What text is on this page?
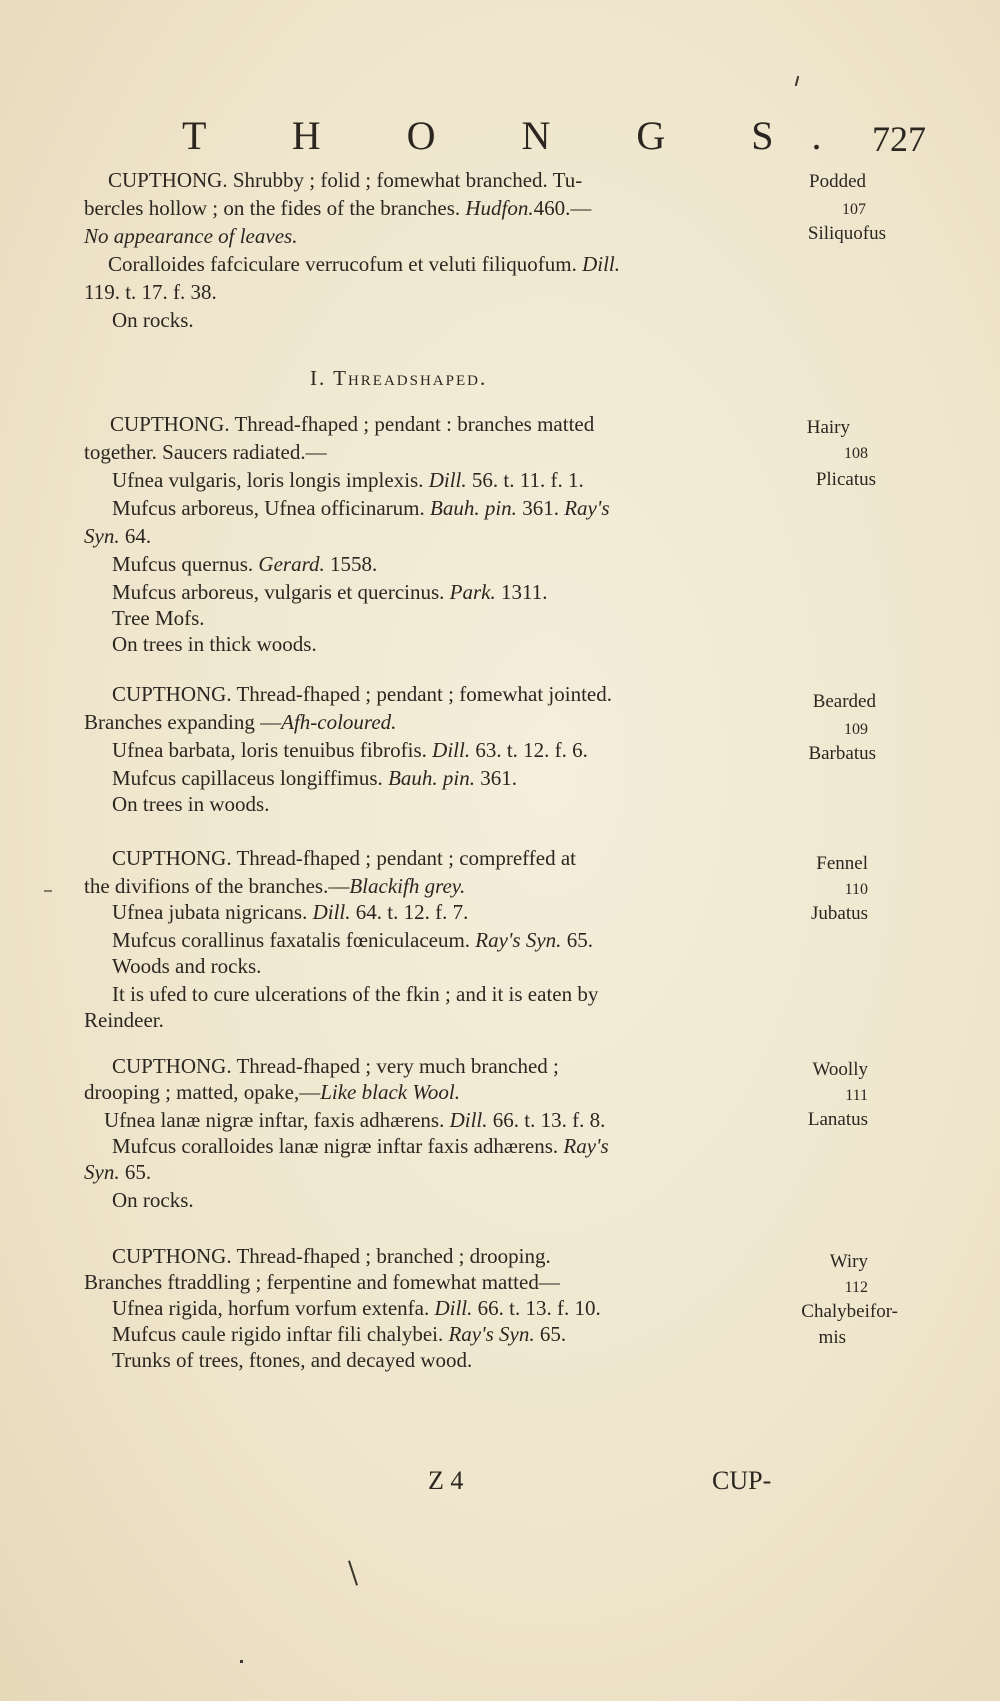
T H O N G S. 727
CUPTHONG. Shrubby ; folid ; fomewhat branched. Tu-
bercles hollow ; on the fides of the branches. Hudfon.460.—
No appearance of leaves.
Coralloides fafciculare verrucofum et veluti filiquofum. Dill.
119. t. 17. f. 38.
On rocks.
Podded
107
Siliquofus
I. Threadshaped.
CUPTHONG. Thread-fhaped ; pendant : branches matted
together. Saucers radiated.—
Ufnea vulgaris, loris longis implexis. Dill. 56. t. 11. f. 1.
Mufcus arboreus, Ufnea officinarum. Bauh. pin. 361. Ray's
Syn. 64.
Mufcus quernus. Gerard. 1558.
Mufcus arboreus, vulgaris et quercinus. Park. 1311.
Tree Mofs.
On trees in thick woods.
Hairy
108
Plicatus
CUPTHONG. Thread-fhaped ; pendant ; fomewhat jointed.
Branches expanding —Afh-coloured.
Ufnea barbata, loris tenuibus fibrofis. Dill. 63. t. 12. f. 6.
Mufcus capillaceus longiffimus. Bauh. pin. 361.
On trees in woods.
Bearded
109
Barbatus
CUPTHONG. Thread-fhaped ; pendant ; compreffed at
the divifions of the branches.—Blackifh grey.
Ufnea jubata nigricans. Dill. 64. t. 12. f. 7.
Mufcus corallinus faxatalis fœniculaceum. Ray's Syn. 65.
Woods and rocks.
It is ufed to cure ulcerations of the fkin ; and it is eaten by
Reindeer.
Fennel
110
Jubatus
CUPTHONG. Thread-fhaped ; very much branched ;
drooping ; matted, opake,—Like black Wool.
Ufnea lanæ nigræ inftar, faxis adhærens. Dill. 66. t. 13. f. 8.
Mufcus coralloides lanæ nigræ inftar faxis adhærens. Ray's
Syn. 65.
On rocks.
Woolly
111
Lanatus
CUPTHONG. Thread-fhaped ; branched ; drooping.
Branches ftraddling ; ferpentine and fomewhat matted—
Ufnea rigida, horfum vorfum extenfa. Dill. 66. t. 13. f. 10.
Mufcus caule rigido inftar fili chalybei. Ray's Syn. 65.
Trunks of trees, ftones, and decayed wood.
Wiry
112
Chalybeifor-
mis
Z 4	CUP-
